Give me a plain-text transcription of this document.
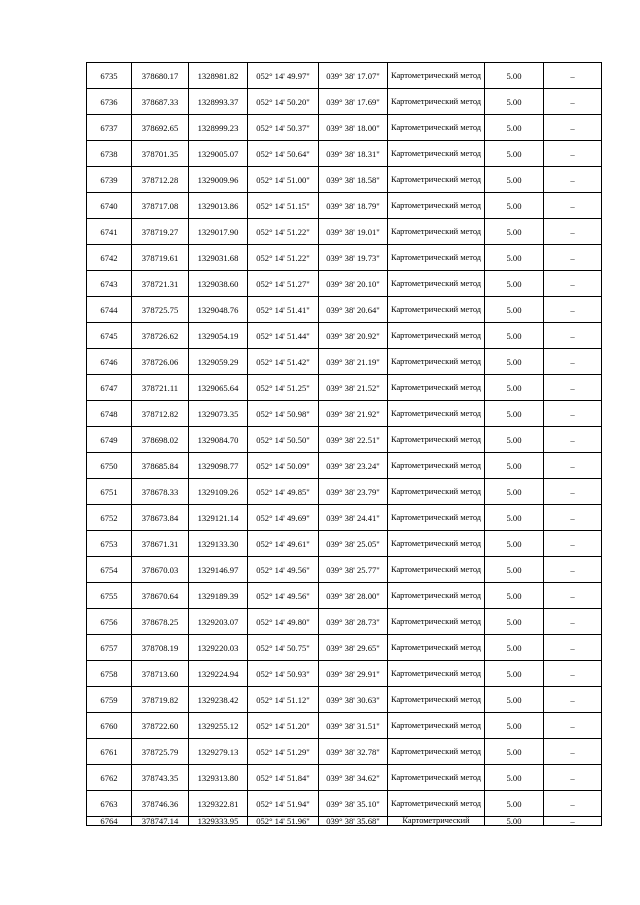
6735	378680.17	1328981.82	052° 14' 49.97"	039° 38' 17.07"	Картометрический метод	5.00	–
6736	378687.33	1328993.37	052° 14' 50.20"	039° 38' 17.69"	Картометрический метод	5.00	–
6737	378692.65	1328999.23	052° 14' 50.37"	039° 38' 18.00"	Картометрический метод	5.00	–
6738	378701.35	1329005.07	052° 14' 50.64"	039° 38' 18.31"	Картометрический метод	5.00	–
6739	378712.28	1329009.96	052° 14' 51.00"	039° 38' 18.58"	Картометрический метод	5.00	–
6740	378717.08	1329013.86	052° 14' 51.15"	039° 38' 18.79"	Картометрический метод	5.00	–
6741	378719.27	1329017.90	052° 14' 51.22"	039° 38' 19.01"	Картометрический метод	5.00	–
6742	378719.61	1329031.68	052° 14' 51.22"	039° 38' 19.73"	Картометрический метод	5.00	–
6743	378721.31	1329038.60	052° 14' 51.27"	039° 38' 20.10"	Картометрический метод	5.00	–
6744	378725.75	1329048.76	052° 14' 51.41"	039° 38' 20.64"	Картометрический метод	5.00	–
6745	378726.62	1329054.19	052° 14' 51.44"	039° 38' 20.92"	Картометрический метод	5.00	–
6746	378726.06	1329059.29	052° 14' 51.42"	039° 38' 21.19"	Картометрический метод	5.00	–
6747	378721.11	1329065.64	052° 14' 51.25"	039° 38' 21.52"	Картометрический метод	5.00	–
6748	378712.82	1329073.35	052° 14' 50.98"	039° 38' 21.92"	Картометрический метод	5.00	–
6749	378698.02	1329084.70	052° 14' 50.50"	039° 38' 22.51"	Картометрический метод	5.00	–
6750	378685.84	1329098.77	052° 14' 50.09"	039° 38' 23.24"	Картометрический метод	5.00	–
6751	378678.33	1329109.26	052° 14' 49.85"	039° 38' 23.79"	Картометрический метод	5.00	–
6752	378673.84	1329121.14	052° 14' 49.69"	039° 38' 24.41"	Картометрический метод	5.00	–
6753	378671.31	1329133.30	052° 14' 49.61"	039° 38' 25.05"	Картометрический метод	5.00	–
6754	378670.03	1329146.97	052° 14' 49.56"	039° 38' 25.77"	Картометрический метод	5.00	–
6755	378670.64	1329189.39	052° 14' 49.56"	039° 38' 28.00"	Картометрический метод	5.00	–
6756	378678.25	1329203.07	052° 14' 49.80"	039° 38' 28.73"	Картометрический метод	5.00	–
6757	378708.19	1329220.03	052° 14' 50.75"	039° 38' 29.65"	Картометрический метод	5.00	–
6758	378713.60	1329224.94	052° 14' 50.93"	039° 38' 29.91"	Картометрический метод	5.00	–
6759	378719.82	1329238.42	052° 14' 51.12"	039° 38' 30.63"	Картометрический метод	5.00	–
6760	378722.60	1329255.12	052° 14' 51.20"	039° 38' 31.51"	Картометрический метод	5.00	–
6761	378725.79	1329279.13	052° 14' 51.29"	039° 38' 32.78"	Картометрический метод	5.00	–
6762	378743.35	1329313.80	052° 14' 51.84"	039° 38' 34.62"	Картометрический метод	5.00	–
6763	378746.36	1329322.81	052° 14' 51.94"	039° 38' 35.10"	Картометрический метод	5.00	–
6764	378747.14	1329333.95	052° 14' 51.96"	039° 38' 35.68"	Картометрический	5.00	–
